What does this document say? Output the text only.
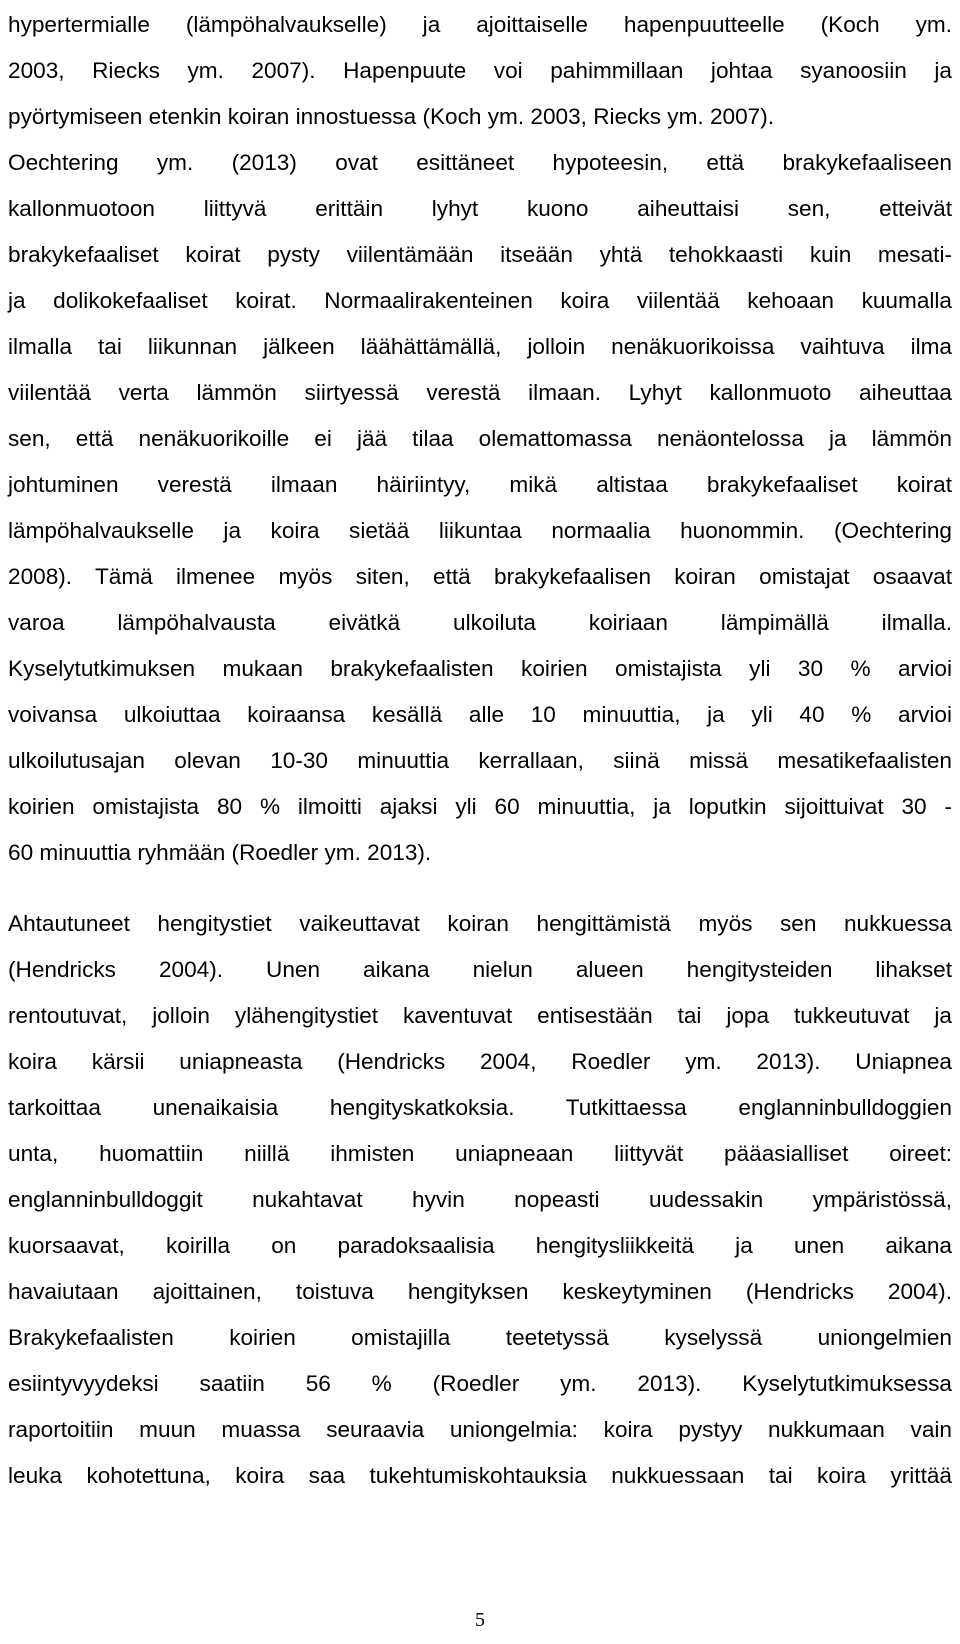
hypertermialle (lämpöhalvaukselle) ja ajoittaiselle hapenpuutteelle (Koch ym.
2003, Riecks ym. 2007). Hapenpuute voi pahimmillaan johtaa syanoosiin ja
pyörtymiseen etenkin koiran innostuessa (Koch ym. 2003, Riecks ym. 2007).
Oechtering ym. (2013) ovat esittäneet hypoteesin, että brakykefaaliseen
kallonmuotoon liittyvä erittäin lyhyt kuono aiheuttaisi sen, etteivät
brakykefaaliset koirat pysty viilentämään itseään yhtä tehokkaasti kuin mesati-
ja dolikokefaaliset koirat. Normaalirakenteinen koira viilentää kehoaan kuumalla
ilmalla tai liikunnan jälkeen läähättämällä, jolloin nenäkuorikoissa vaihtuva ilma
viilentää verta lämmön siirtyessä verestä ilmaan. Lyhyt kallonmuoto aiheuttaa
sen, että nenäkuorikoille ei jää tilaa olemattomassa nenäontelossa ja lämmön
johtuminen verestä ilmaan häiriintyy, mikä altistaa brakykefaaliset koirat
lämpöhalvaukselle ja koira sietää liikuntaa normaalia huonommin. (Oechtering
2008). Tämä ilmenee myös siten, että brakykefaalisen koiran omistajat osaavat
varoa lämpöhalvausta eivätkä ulkoiluta koiriaan lämpimällä ilmalla.
Kyselytutkimuksen mukaan brakykefaalisten koirien omistajista yli 30 % arvioi
voivansa ulkoiuttaa koiraansa kesällä alle 10 minuuttia, ja yli 40 % arvioi
ulkoilutusajan olevan 10-30 minuuttia kerrallaan, siinä missä mesatikefaalisten
koirien omistajista 80 % ilmoitti ajaksi yli 60 minuuttia, ja loputkin sijoittuivat 30 -
60 minuuttia ryhmään (Roedler ym. 2013).
Ahtautuneet hengitystiet vaikeuttavat koiran hengittämistä myös sen nukkuessa
(Hendricks 2004). Unen aikana nielun alueen hengitysteiden lihakset
rentoutuvat, jolloin ylähengitystiet kaventuvat entisestään tai jopa tukkeutuvat ja
koira kärsii uniapneasta (Hendricks 2004, Roedler ym. 2013). Uniapnea
tarkoittaa unenaikaisia hengityskatkoksia. Tutkittaessa englanninbulldoggien
unta, huomattiin niillä ihmisten uniapneaan liittyvät pääasialliset oireet:
englanninbulldoggit nukahtavat hyvin nopeasti uudessakin ympäristössä,
kuorsaavat, koirilla on paradoksaalisia hengitysliikkeitä ja unen aikana
havaiutaan ajoittainen, toistuva hengityksen keskeytyminen (Hendricks 2004).
Brakykefaalisten koirien omistajilla teetetyssä kyselyssä uniongelmien
esiintyvyydeksi saatiin 56 % (Roedler ym. 2013). Kyselytutkimuksessa
raportoitiin muun muassa seuraavia uniongelmia: koira pystyy nukkumaan vain
leuka kohotettuna, koira saa tukehtumiskohtauksia nukkuessaan tai koira yrittää
5
